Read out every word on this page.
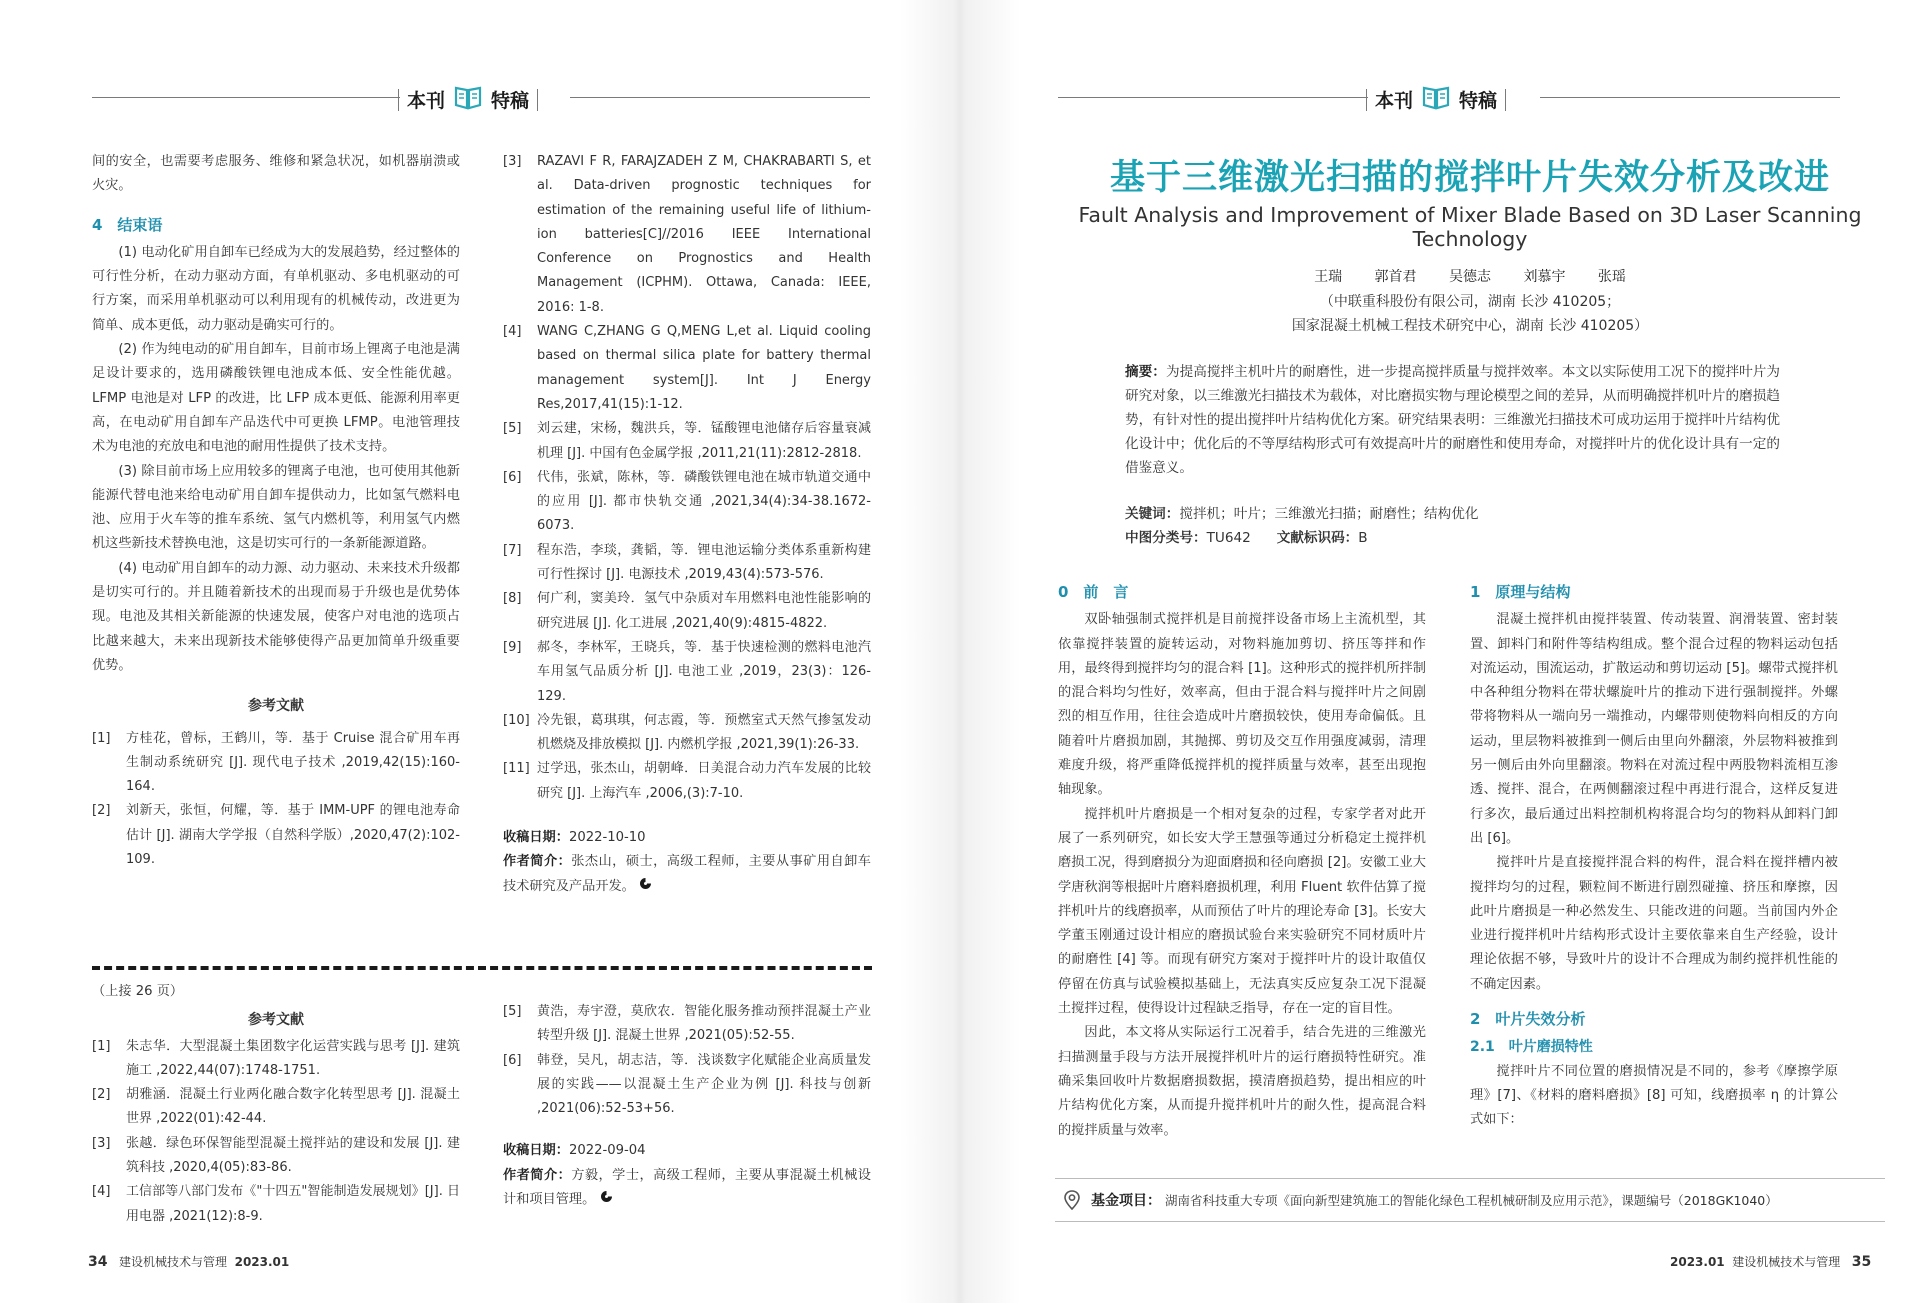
本刊 特稿

间的安全，也需要考虑服务、维修和紧急状况，如机器崩溃或火灾。

4　结束语

(1) 电动化矿用自卸车已经成为大的发展趋势，经过整体的可行性分析，在动力驱动方面，有单机驱动、多电机驱动的可行方案，而采用单机驱动可以利用现有的机械传动，改进更为简单、成本更低，动力驱动是确实可行的。

(2) 作为纯电动的矿用自卸车，目前市场上锂离子电池是满足设计要求的，选用磷酸铁锂电池成本低、安全性能优越。LFMP 电池是对 LFP 的改进，比 LFP 成本更低、能源利用率更高，在电动矿用自卸车产品迭代中可更换 LFMP。电池管理技术为电池的充放电和电池的耐用性提供了技术支持。

(3) 除目前市场上应用较多的锂离子电池，也可使用其他新能源代替电池来给电动矿用自卸车提供动力，比如氢气燃料电池、应用于火车等的推车系统、氢气内燃机等，利用氢气内燃机这些新技术替换电池，这是切实可行的一条新能源道路。

(4) 电动矿用自卸车的动力源、动力驱动、未来技术升级都是切实可行的。并且随着新技术的出现而易于升级也是优势体现。电池及其相关新能源的快速发展，使客户对电池的选项占比越来越大，未来出现新技术能够使得产品更加简单升级重要优势。

参考文献
[1]	方桂花，曾标，王鹤川，等．基于 Cruise 混合矿用车再生制动系统研究 [J]. 现代电子技术 ,2019,42(15):160-164.
[2]	刘新天，张恒，何耀，等．基于 IMM-UPF 的锂电池寿命估计 [J]. 湖南大学学报（自然科学版）,2020,47(2):102-109.
[3]	RAZAVI F R, FARAJZADEH Z M, CHAKRABARTI S, et al. Data-driven prognostic techniques for estimation of the remaining useful life of lithium-ion batteries[C]//2016 IEEE International Conference on Prognostics and Health Management (ICPHM). Ottawa, Canada: IEEE, 2016: 1-8.
[4]	WANG C,ZHANG G Q,MENG L,et al. Liquid cooling based on thermal silica plate for battery thermal management system[J]. Int J Energy Res,2017,41(15):1-12.
[5]	刘云建，宋杨，魏洪兵，等．锰酸锂电池储存后容量衰减机理 [J]. 中国有色金属学报 ,2011,21(11):2812-2818.
[6]	代伟，张斌，陈林，等．磷酸铁锂电池在城市轨道交通中的应用 [J]. 都市快轨交通 ,2021,34(4):34-38.1672-6073.
[7]	程东浩，李琰，龚韬，等．锂电池运输分类体系重新构建可行性探讨 [J]. 电源技术 ,2019,43(4):573-576.
[8]	何广利，窦美玲．氢气中杂质对车用燃料电池性能影响的研究进展 [J]. 化工进展 ,2021,40(9):4815-4822.
[9]	郝冬，李林军，王晓兵，等．基于快速检测的燃料电池汽车用氢气品质分析 [J]. 电池工业 ,2019，23(3)：126-129.
[10] 冷先银，葛琪琪，何志霞，等．预燃室式天然气掺氢发动机燃烧及排放模拟 [J]. 内燃机学报 ,2021,39(1):26-33.
[11] 过学迅，张杰山，胡朝峰．日美混合动力汽车发展的比较研究 [J]. 上海汽车 ,2006,(3):7-10.
收稿日期：2022-10-10
作者简介：张杰山，硕士，高级工程师，主要从事矿用自卸车技术研究及产品开发。
（上接 26 页）
参考文献
[1]	朱志华．大型混凝土集团数字化运营实践与思考 [J]. 建筑施工 ,2022,44(07):1748-1751.
[2]	胡雅涵．混凝土行业两化融合数字化转型思考 [J]. 混凝土世界 ,2022(01):42-44.
[3]	张越．绿色环保智能型混凝土搅拌站的建设和发展 [J]. 建筑科技 ,2020,4(05):83-86.
[4]	工信部等八部门发布《"十四五"智能制造发展规划》[J]. 日用电器 ,2021(12):8-9.
[5]	黄浩，寿宇澄，莫欣农．智能化服务推动预拌混凝土产业转型升级 [J]. 混凝土世界 ,2021(05):52-55.
[6]	韩登，吴凡，胡志洁，等．浅谈数字化赋能企业高质量发展的实践——以混凝土生产企业为例 [J]. 科技与创新 ,2021(06):52-53+56.
收稿日期：2022-09-04
作者简介：方毅，学士，高级工程师，主要从事混凝土机械设计和项目管理。
34 建设机械技术与管理 2023.01
本刊 特稿
基于三维激光扫描的搅拌叶片失效分析及改进
Fault Analysis and Improvement of Mixer Blade Based on 3D Laser Scanning Technology
王瑞 郭首君 吴德志 刘慕宇 张瑶
（中联重科股份有限公司，湖南 长沙 410205；
国家混凝土机械工程技术研究中心，湖南 长沙 410205）
摘要：为提高搅拌主机叶片的耐磨性，进一步提高搅拌质量与搅拌效率。本文以实际使用工况下的搅拌叶片为研究对象，以三维激光扫描技术为载体，对比磨损实物与理论模型之间的差异，从而明确搅拌机叶片的磨损趋势，有针对性的提出搅拌叶片结构优化方案。研究结果表明：三维激光扫描技术可成功运用于搅拌叶片结构优化设计中；优化后的不等厚结构形式可有效提高叶片的耐磨性和使用寿命，对搅拌叶片的优化设计具有一定的借鉴意义。
关键词：搅拌机；叶片；三维激光扫描；耐磨性；结构优化
中图分类号：TU642 文献标识码：B
0　前　言

双卧轴强制式搅拌机是目前搅拌设备市场上主流机型，其依靠搅拌装置的旋转运动，对物料施加剪切、挤压等拌和作用，最终得到搅拌均匀的混合料 [1]。这种形式的搅拌机所拌制的混合料均匀性好，效率高，但由于混合料与搅拌叶片之间剧烈的相互作用，往往会造成叶片磨损较快，使用寿命偏低。且随着叶片磨损加剧，其抛掷、剪切及交互作用强度减弱，清理难度升级，将严重降低搅拌机的搅拌质量与效率，甚至出现抱轴现象。

搅拌机叶片磨损是一个相对复杂的过程，专家学者对此开展了一系列研究，如长安大学王慧强等通过分析稳定土搅拌机磨损工况，得到磨损分为迎面磨损和径向磨损 [2]。安徽工业大学唐秋润等根据叶片磨料磨损机理，利用 Fluent 软件估算了搅拌机叶片的线磨损率，从而预估了叶片的理论寿命 [3]。长安大学董玉刚通过设计相应的磨损试验台来实验研究不同材质叶片的耐磨性 [4] 等。而现有研究方案对于搅拌叶片的设计取值仅停留在仿真与试验模拟基础上，无法真实反应复杂工况下混凝土搅拌过程，使得设计过程缺乏指导，存在一定的盲目性。

因此，本文将从实际运行工况着手，结合先进的三维激光扫描测量手段与方法开展搅拌机叶片的运行磨损特性研究。准确采集回收叶片数据磨损数据，摸清磨损趋势，提出相应的叶片结构优化方案，从而提升搅拌机叶片的耐久性，提高混合料的搅拌质量与效率。

1　原理与结构

混凝土搅拌机由搅拌装置、传动装置、润滑装置、密封装置、卸料门和附件等结构组成。整个混合过程的物料运动包括对流运动，围流运动，扩散运动和剪切运动 [5]。螺带式搅拌机中各种组分物料在带状螺旋叶片的推动下进行强制搅拌。外螺带将物料从一端向另一端推动，内螺带则使物料向相反的方向运动，里层物料被推到一侧后由里向外翻滚，外层物料被推到另一侧后由外向里翻滚。物料在对流过程中两股物料流相互渗透、搅拌、混合，在两侧翻滚过程中再进行混合，这样反复进行多次，最后通过出料控制机构将混合均匀的物料从卸料门卸出 [6]。

搅拌叶片是直接搅拌混合料的构件，混合料在搅拌槽内被搅拌均匀的过程，颗粒间不断进行剧烈碰撞、挤压和摩擦，因此叶片磨损是一种必然发生、只能改进的问题。当前国内外企业进行搅拌机叶片结构形式设计主要依靠来自生产经验，设计理论依据不够，导致叶片的设计不合理成为制约搅拌机性能的不确定因素。

2　叶片失效分析
2.1　叶片磨损特性

搅拌叶片不同位置的磨损情况是不同的，参考《摩擦学原理》[7]、《材料的磨料磨损》[8] 可知，线磨损率 η 的计算公式如下：

基金项目： 湖南省科技重大专项《面向新型建筑施工的智能化绿色工程机械研制及应用示范》，课题编号（2018GK1040）
2023.01 建设机械技术与管理 35
